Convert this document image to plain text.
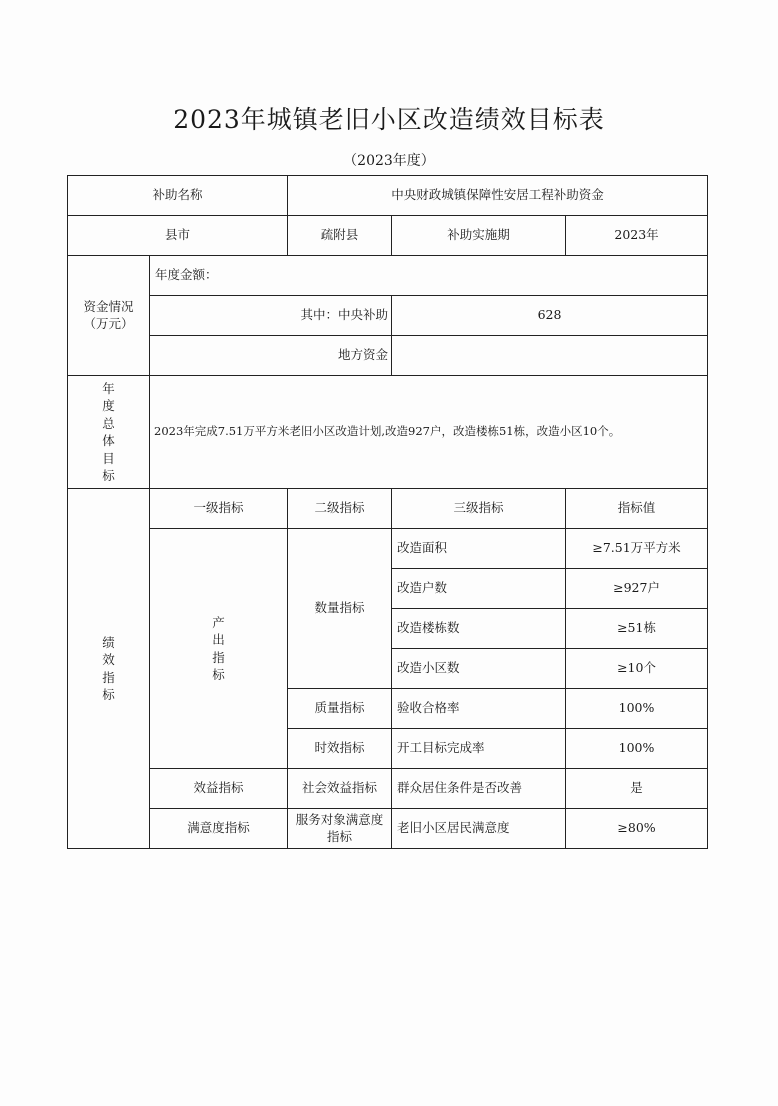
2023年城镇老旧小区改造绩效目标表
（2023年度）
补助名称		中央财政城镇保障性安居工程补助资金		
县市		疏附县	补助实施期	2023年
资金情况（万元）	年度金额：			
	其中：中央补助		628	
	地方资金			

年度总体目标	2023年完成7.51万平方米老旧小区改造计划,改造927户，改造楼栋51栋，改造小区10个。			

绩效指标	一级指标	二级指标	三级指标	指标值

	产出指标	数量指标	改造面积	≥7.51万平方米
			改造户数	≥927户
			改造楼栋数	≥51栋
			改造小区数	≥10个
		质量指标	验收合格率	100%
		时效指标	开工目标完成率	100%
	效益指标	社会效益指标	群众居住条件是否改善	是
	满意度指标	服务对象满意度指标	老旧小区居民满意度	≥80%
